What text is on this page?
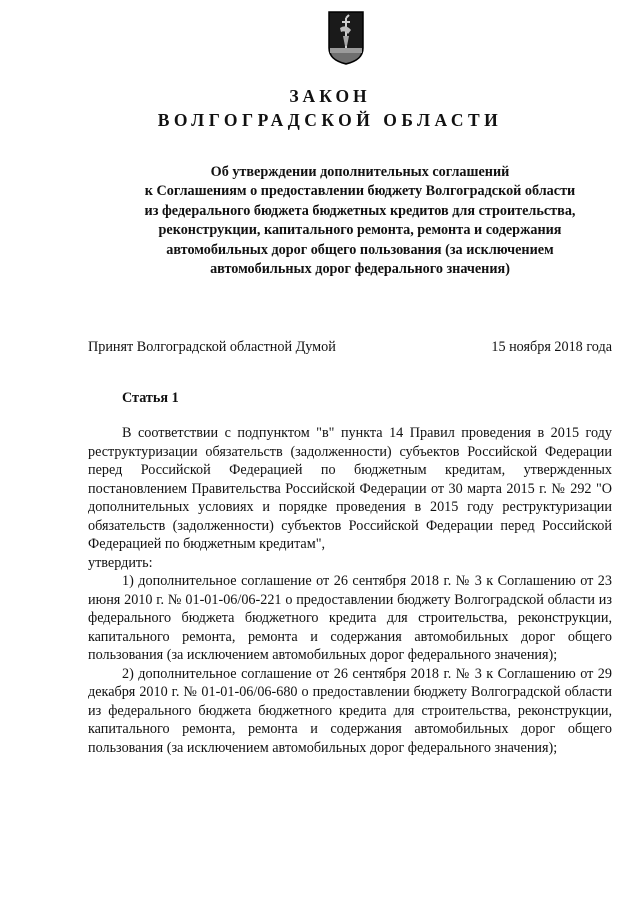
ЗАКОН
ВОЛГОГРАДСКОЙ ОБЛАСТИ
Об утверждении дополнительных соглашений
к Соглашениям о предоставлении бюджету Волгоградской области
из федерального бюджета бюджетных кредитов для строительства,
реконструкции, капитального ремонта, ремонта и содержания
автомобильных дорог общего пользования (за исключением
автомобильных дорог федерального значения)
Принят Волгоградской областной Думой	15 ноября 2018 года
Статья 1

В соответствии с подпунктом "в" пункта 14 Правил проведения в 2015 году реструктуризации обязательств (задолженности) субъектов Российской Федерации перед Российской Федерацией по бюджетным кредитам, утвержденных постановлением Правительства Российской Федерации от 30 марта 2015 г. № 292 "О дополнительных условиях и порядке проведения в 2015 году реструктуризации обязательств (задолженности) субъектов Российской Федерации перед Российской Федерацией по бюджетным кредитам",

утвердить:

1) дополнительное соглашение от 26 сентября 2018 г. № 3 к Соглашению от 23 июня 2010 г. № 01-01-06/06-221 о предоставлении бюджету Волгоградской области из федерального бюджета бюджетного кредита для строительства, реконструкции, капитального ремонта, ремонта и содержания автомобильных дорог общего пользования (за исключением автомобильных дорог федерального значения);

2) дополнительное соглашение от 26 сентября 2018 г. № 3 к Соглашению от 29 декабря 2010 г. № 01-01-06/06-680 о предоставлении бюджету Волгоградской области из федерального бюджета бюджетного кредита для строительства, реконструкции, капитального ремонта, ремонта и содержания автомобильных дорог общего пользования (за исключением автомобильных дорог федерального значения);
